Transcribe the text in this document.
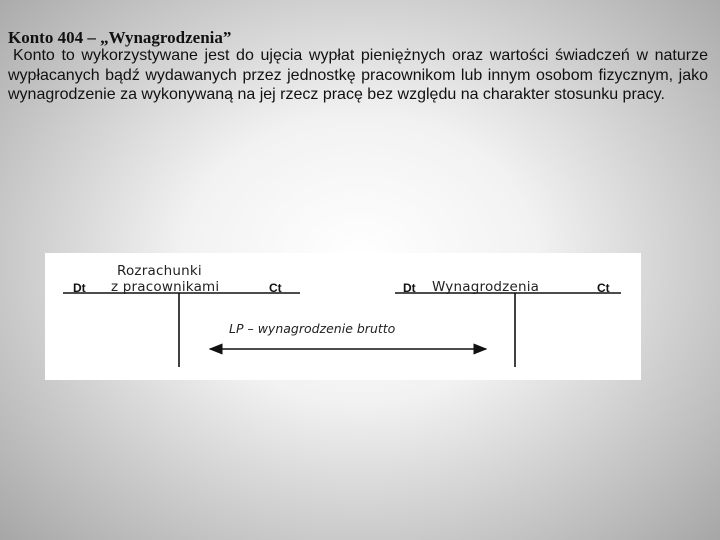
Konto 404 – „Wynagrodzenia”
Konto to wykorzystywane jest do ujęcia wypłat pieniężnych oraz wartości świadczeń w naturze wypłacanych bądź wydawanych przez jednostkę pracownikom lub innym osobom fizycznym, jako wynagrodzenie za wykonywaną na jej rzecz pracę bez względu na charakter stosunku pracy.
Rozrachunki
Dt z pracownikami	Ct	Dt Wynagrodzenia	Ct
LP – wynagrodzenie brutto
